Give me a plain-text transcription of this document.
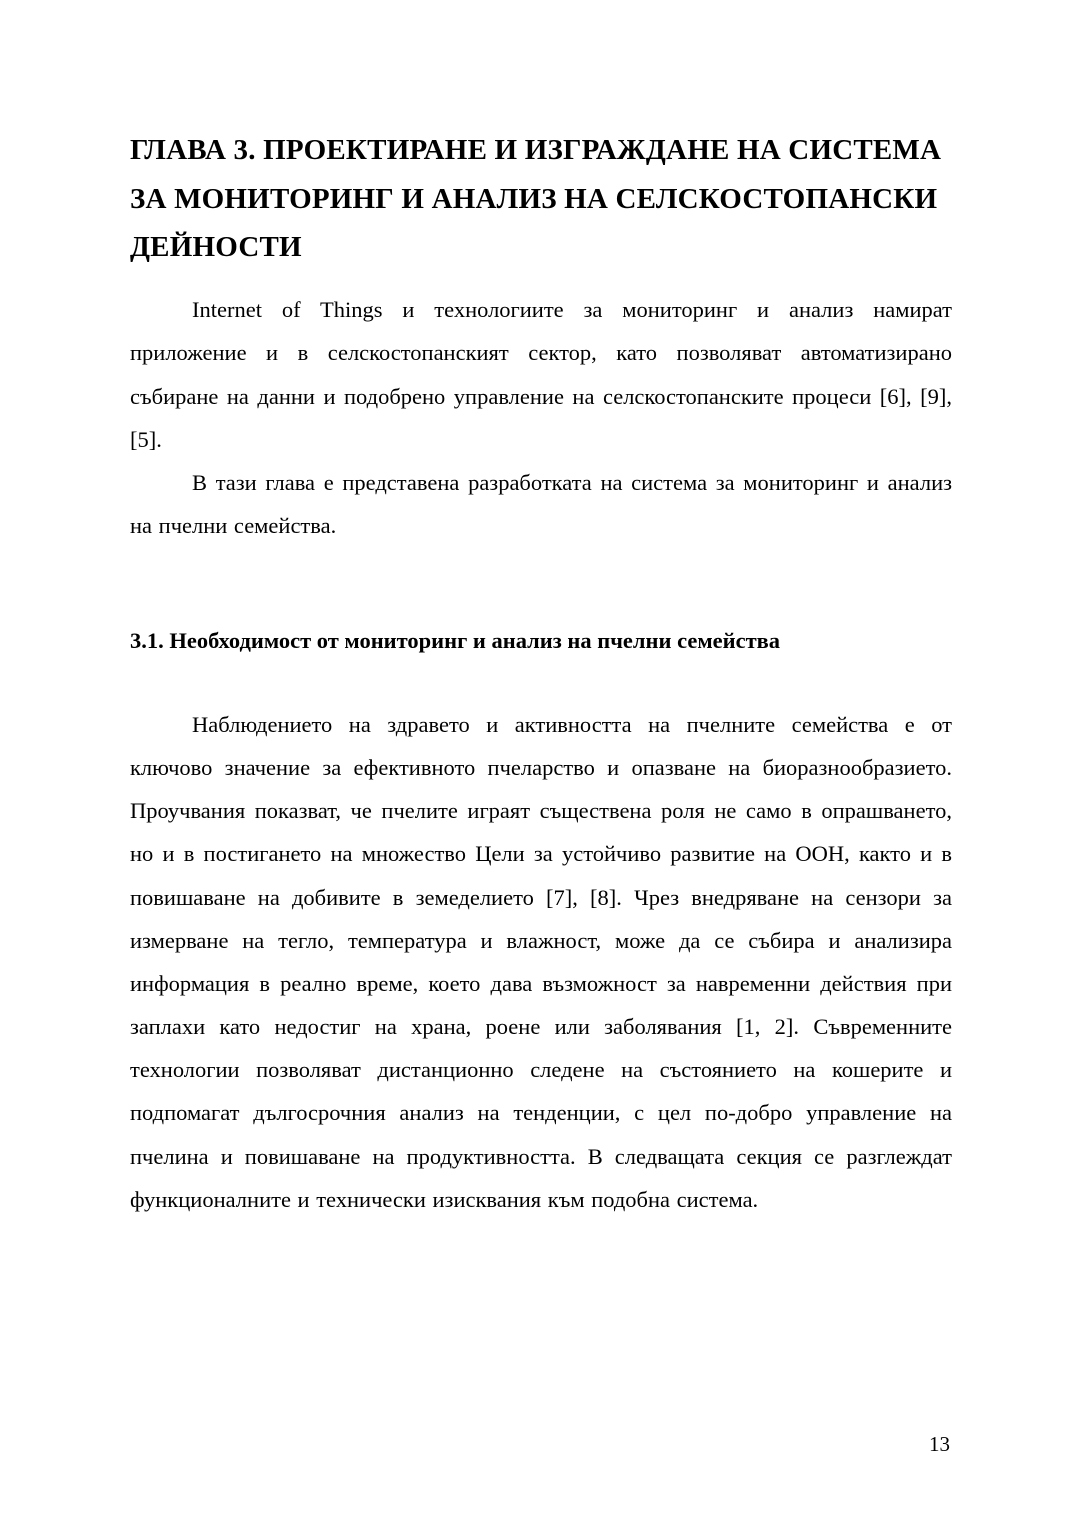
ГЛАВА 3. ПРОЕКТИРАНЕ И ИЗГРАЖДАНЕ НА СИСТЕМА ЗА МОНИТОРИНГ И АНАЛИЗ НА СЕЛСКОСТОПАНСКИ ДЕЙНОСТИ

Internet of Things и технологиите за мониторинг и анализ намират приложение и в селскостопанският сектор, като позволяват автоматизирано събиране на данни и подобрено управление на селскостопанските процеси [6], [9], [5].

В тази глава е представена разработката на система за мониторинг и анализ на пчелни семейства.

3.1. Необходимост от мониторинг и анализ на пчелни семейства

Наблюдението на здравето и активността на пчелните семейства е от ключово значение за ефективното пчеларство и опазване на биоразнообразието. Проучвания показват, че пчелите играят съществена роля не само в опрашването, но и в постигането на множество Цели за устойчиво развитие на ООН, както и в повишаване на добивите в земеделието [7], [8]. Чрез внедряване на сензори за измерване на тегло, температура и влажност, може да се събира и анализира информация в реално време, което дава възможност за навременни действия при заплахи като недостиг на храна, роене или заболявания [1, 2]. Съвременните технологии позволяват дистанционно следене на състоянието на кошерите и подпомагат дългосрочния анализ на тенденции, с цел по-добро управление на пчелина и повишаване на продуктивността. В следващата секция се разглеждат функционалните и технически изисквания към подобна система.

13
